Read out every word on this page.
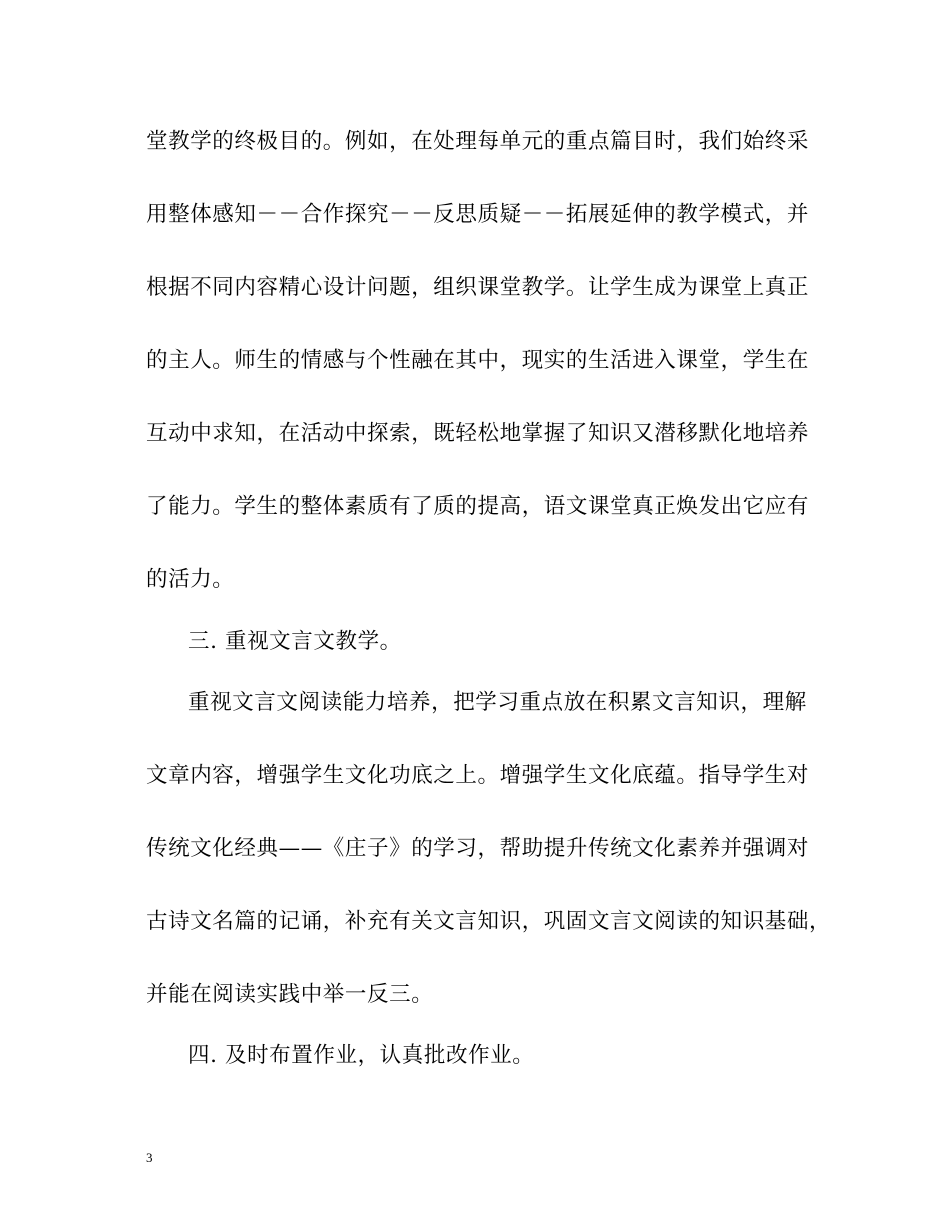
堂教学的终极目的。例如，在处理每单元的重点篇目时，我们始终采
用整体感知－－合作探究－－反思质疑－－拓展延伸的教学模式，并
根据不同内容精心设计问题，组织课堂教学。让学生成为课堂上真正
的主人。师生的情感与个性融在其中，现实的生活进入课堂，学生在
互动中求知，在活动中探索，既轻松地掌握了知识又潜移默化地培养
了能力。学生的整体素质有了质的提高，语文课堂真正焕发出它应有
的活力。
三. 重视文言文教学。
重视文言文阅读能力培养，把学习重点放在积累文言知识，理解
文章内容，增强学生文化功底之上。增强学生文化底蕴。指导学生对
传统文化经典——《庄子》的学习，帮助提升传统文化素养并强调对
古诗文名篇的记诵，补充有关文言知识，巩固文言文阅读的知识基础，
并能在阅读实践中举一反三。
四. 及时布置作业，认真批改作业。
3
